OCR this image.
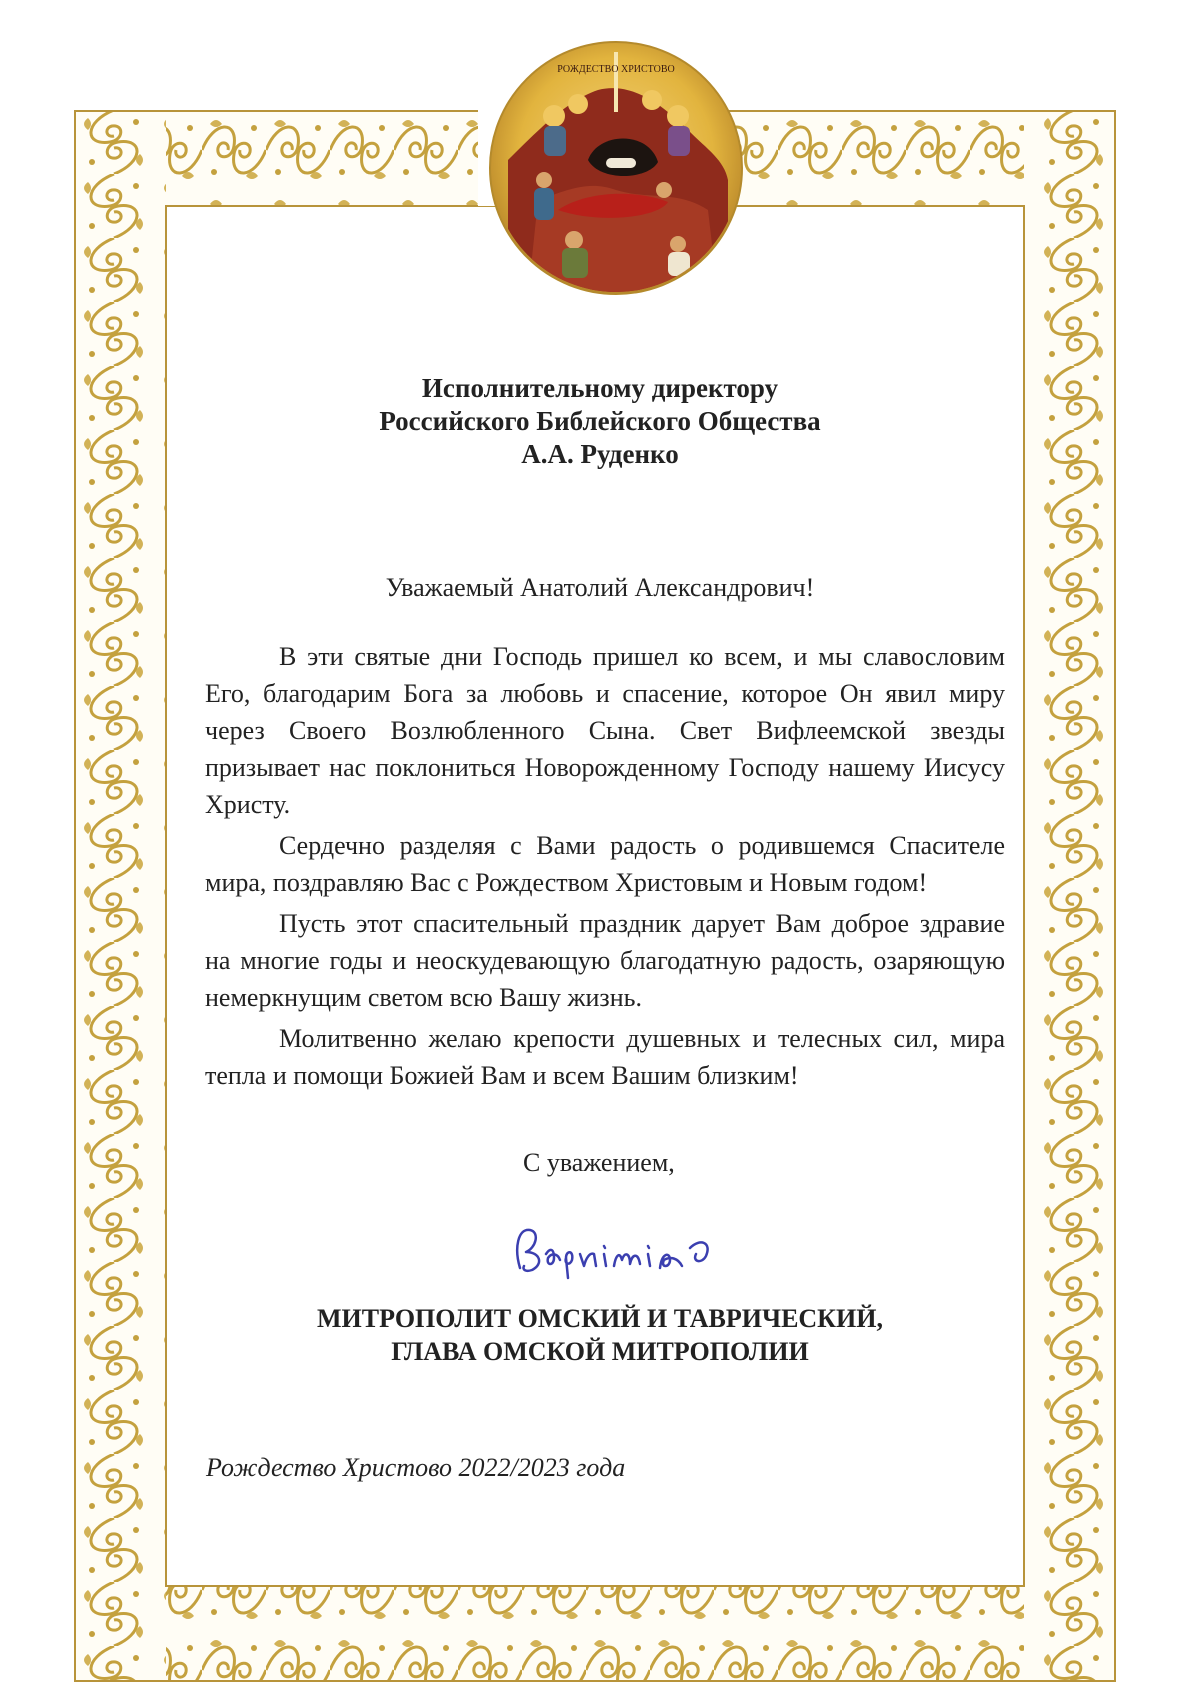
РОЖДЕСТВО ХРИСТОВО
Исполнительному директору
Российского Библейского Общества
А.А. Руденко
Уважаемый Анатолий Александрович!

В эти святые дни Господь пришел ко всем, и мы славословим Его, благодарим Бога за любовь и спасение, которое Он явил миру через Своего Возлюбленного Сына. Свет Вифлеемской звезды призывает нас поклониться Новорожденному Господу нашему Иисусу Христу.

Сердечно разделяя с Вами радость о родившемся Спасителе мира, поздравляю Вас с Рождеством Христовым и Новым годом!

Пусть этот спасительный праздник дарует Вам доброе здравие на многие годы и неоскудевающую благодатную радость, озаряющую немеркнущим светом всю Вашу жизнь.

Молитвенно желаю крепости душевных и телесных сил, мира тепла и помощи Божией Вам и всем Вашим близким!

С уважением,
МИТРОПОЛИТ ОМСКИЙ И ТАВРИЧЕСКИЙ,
ГЛАВА ОМСКОЙ МИТРОПОЛИИ
Рождество Христово 2022/2023 года
